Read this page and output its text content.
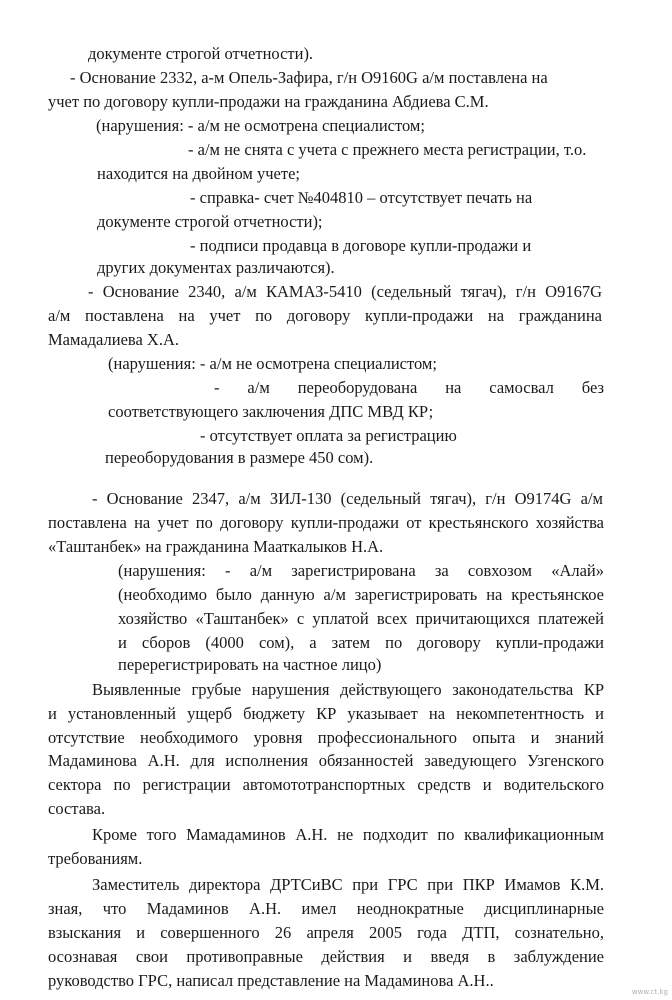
документе строгой отчетности).
- Основание 2332, а-м Опель-Зафира, г/н О9160G а/м поставлена на
учет по договору купли-продажи на гражданина Абдиева С.М.
(нарушения: - а/м не осмотрена специалистом;
- а/м не снята с учета с прежнего места регистрации, т.о.
находится на двойном учете;
- справка- счет №404810 – отсутствует печать на
документе строгой отчетности);
- подписи продавца в договоре купли-продажи и
других документах различаются).
- Основание 2340, а/м КАМАЗ-5410 (седельный тягач), г/н О9167G
а/м поставлена на учет по договору купли-продажи на гражданина
Мамадалиева Х.А.
(нарушения: - а/м не осмотрена специалистом;
- а/м переоборудована на самосвал без
соответствующего заключения ДПС МВД КР;
- отсутствует оплата за регистрацию
переоборудования в размере 450 сом).
- Основание 2347, а/м ЗИЛ-130 (седельный тягач), г/н О9174G а/м
поставлена на учет по договору купли-продажи от крестьянского хозяйства
«Таштанбек» на гражданина Мааткалыков Н.А.
(нарушения: - а/м зарегистрирована за совхозом «Алай»
(необходимо было данную а/м зарегистрировать на крестьянское
хозяйство «Таштанбек» с уплатой всех причитающихся платежей
и сборов (4000 сом), а затем по договору купли-продажи
перерегистрировать на частное лицо)
Выявленные грубые нарушения действующего законодательства КР
и установленный ущерб бюджету КР указывает на некомпетентность и
отсутствие необходимого уровня профессионального опыта и знаний
Мадаминова А.Н. для исполнения обязанностей заведующего Узгенского
сектора по регистрации автомототранспортных средств и водительского
состава.
Кроме того Мамадаминов А.Н. не подходит по квалификационным
требованиям.
Заместитель директора ДРТСиВС при ГРС при ПКР Имамов К.М.
зная, что Мадаминов А.Н. имел неоднократные дисциплинарные
взыскания и совершенного 26 апреля 2005 года ДТП, сознательно,
осознавая свои противоправные действия и введя в заблуждение
руководство ГРС, написал представление на Мадаминова А.Н..
www.ct.kg
